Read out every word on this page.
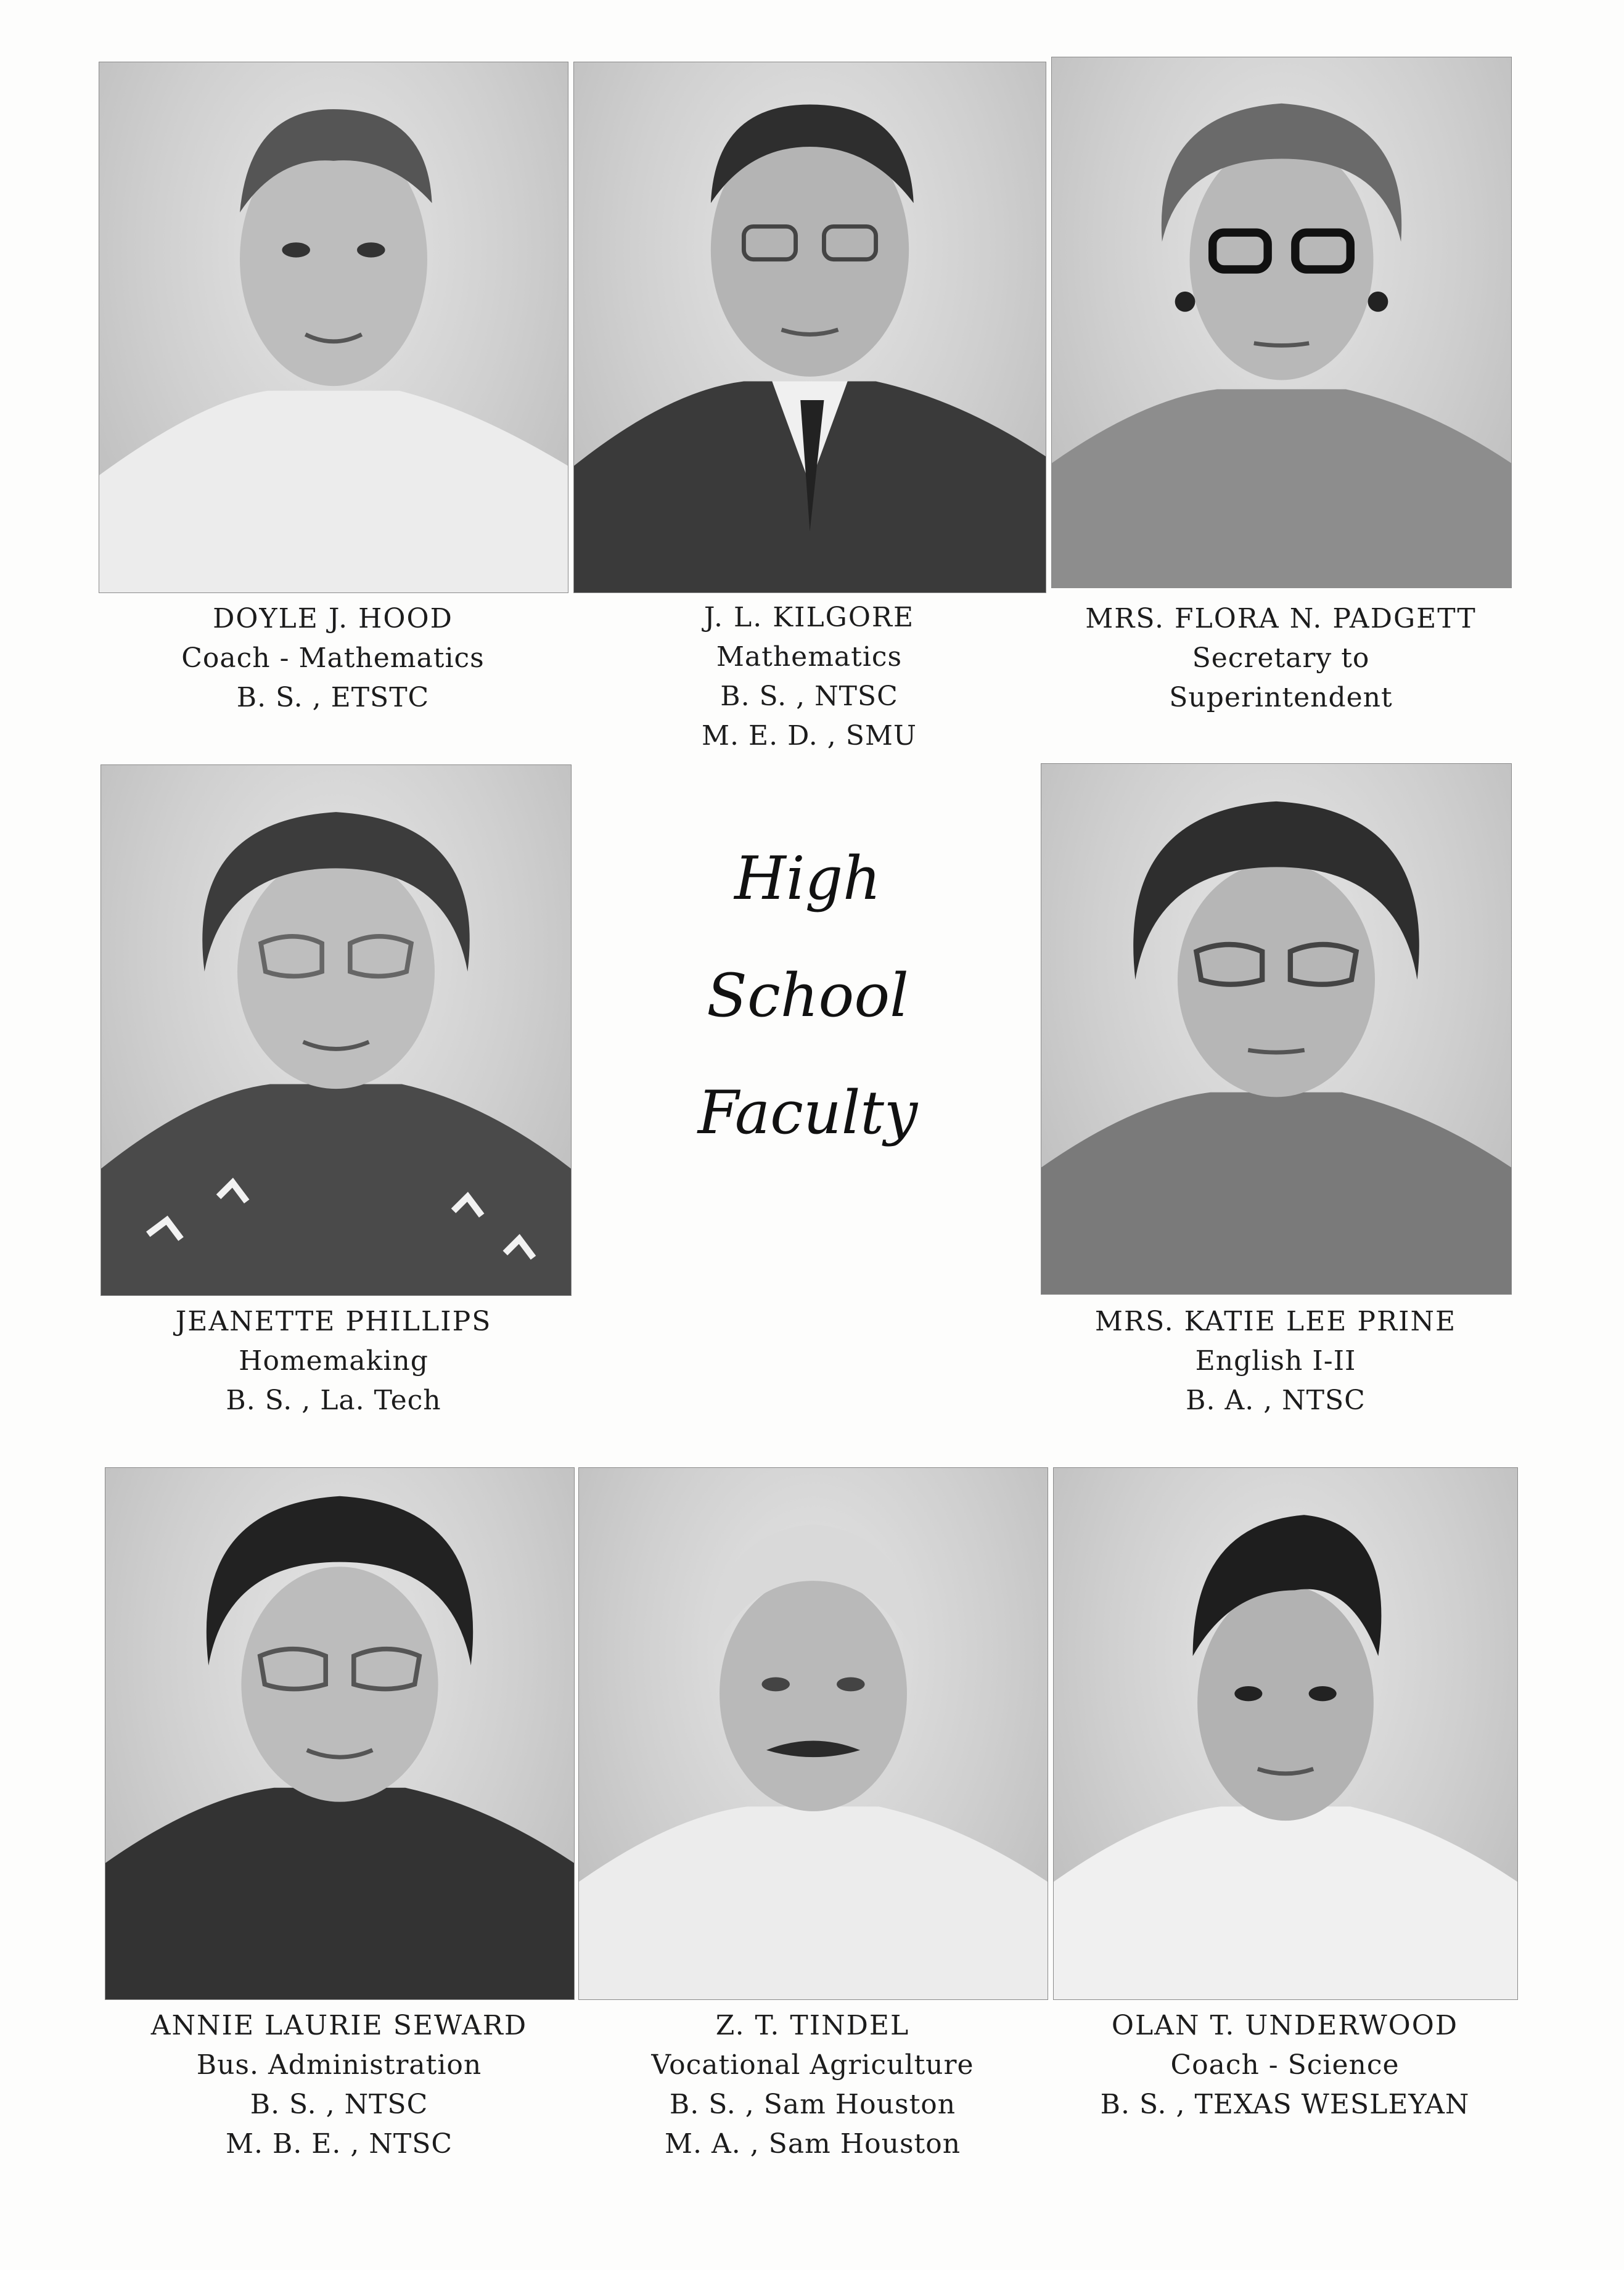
DOYLE J. HOOD
Coach - Mathematics
B. S. , ETSTC
J. L. KILGORE
Mathematics
B. S. , NTSC
M. E. D. , SMU
MRS. FLORA N. PADGETT
Secretary to
Superintendent
High
School
Faculty
JEANETTE PHILLIPS
Homemaking
B. S. , La. Tech
MRS. KATIE LEE PRINE
English I-II
B. A. , NTSC
ANNIE LAURIE SEWARD
Bus. Administration
B. S. , NTSC
M. B. E. , NTSC
Z. T. TINDEL
Vocational Agriculture
B. S. , Sam Houston
M. A. , Sam Houston
OLAN T. UNDERWOOD
Coach - Science
B. S. , TEXAS WESLEYAN
